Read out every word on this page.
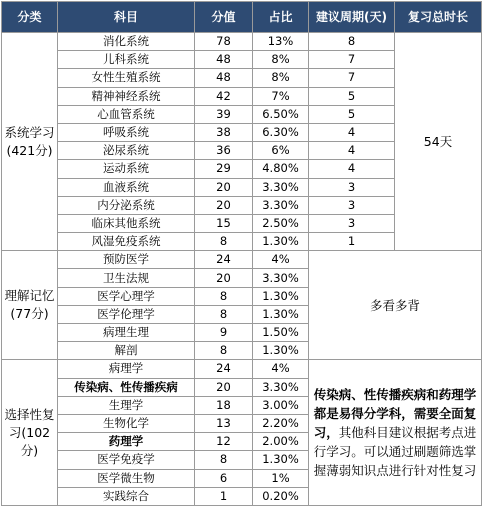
分类	科目	分值	占比	建议周期(天)	复习总时长
系统学习
(421分)	消化系统	78	13%	8	54天
	儿科系统	48	8%	7	
	女性生殖系统	48	8%	7	
	精神神经系统	42	7%	5	
	心血管系统	39	6.50%	5	
	呼吸系统	38	6.30%	4	
	泌尿系统	36	6%	4	
	运动系统	29	4.80%	4	
	血液系统	20	3.30%	3	
	内分泌系统	20	3.30%	3	
	临床其他系统	15	2.50%	3	
	风湿免疫系统	8	1.30%	1	
理解记忆
(77分)	预防医学	24	4%	多看多背	
	卫生法规	20	3.30%		
	医学心理学	8	1.30%		
	医学伦理学	8	1.30%		
	病理生理	9	1.50%		
	解剖	8	1.30%		
选择性复
习(102
分)	病理学	24	4%	传染病、性传播疾病和药理学都是易得分学科，需要全面复习，其他科目建议根据考点进行学习。可以通过刷题筛选掌握薄弱知识点进行针对性复习	
	传染病、性传播疾病	20	3.30%		
	生理学	18	3.00%		
	生物化学	13	2.20%		
	药理学	12	2.00%		
	医学免疫学	8	1.30%		
	医学微生物	6	1%		
	实践综合	1	0.20%		
